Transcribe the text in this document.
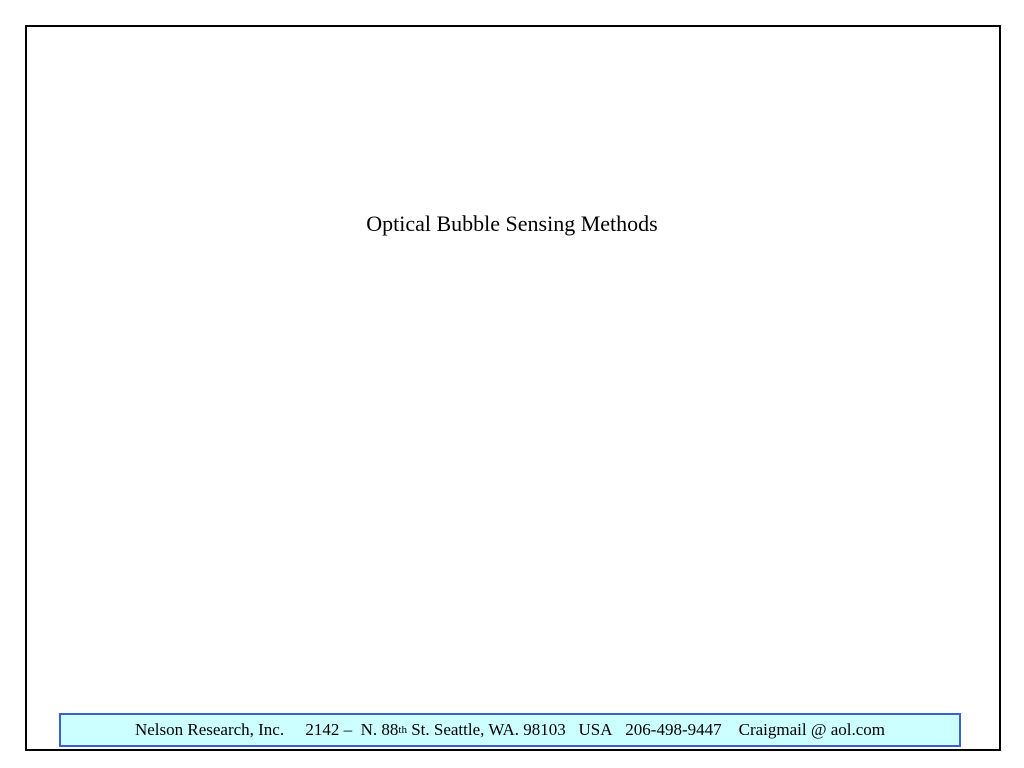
Optical Bubble Sensing Methods
Nelson Research, Inc.
2142 –  N. 88 th St. Seattle, WA. 98103   USA
206-498-9447
Craigmail @ aol.com
